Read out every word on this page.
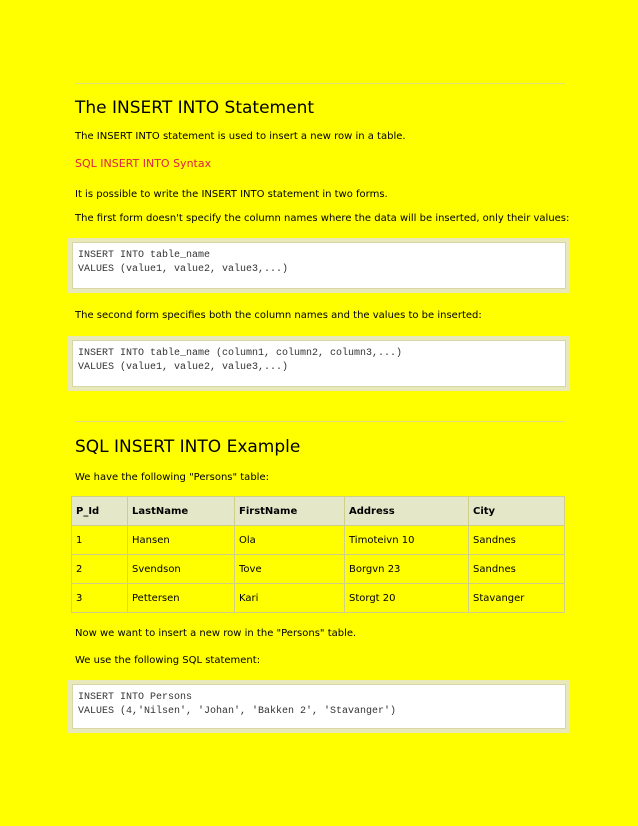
The INSERT INTO Statement

The INSERT INTO statement is used to insert a new row in a table.

SQL INSERT INTO Syntax

It is possible to write the INSERT INTO statement in two forms.

The first form doesn't specify the column names where the data will be inserted, only their values:

INSERT INTO table_name
VALUES (value1, value2, value3,...)

The second form specifies both the column names and the values to be inserted:

INSERT INTO table_name (column1, column2, column3,...)
VALUES (value1, value2, value3,...)
SQL INSERT INTO Example

We have the following "Persons" table:

P_Id	LastName	FirstName	Address	City
1	Hansen	Ola	Timoteivn 10	Sandnes
2	Svendson	Tove	Borgvn 23	Sandnes
3	Pettersen	Kari	Storgt 20	Stavanger

Now we want to insert a new row in the "Persons" table.

We use the following SQL statement:

INSERT INTO Persons
VALUES (4,'Nilsen', 'Johan', 'Bakken 2', 'Stavanger')
